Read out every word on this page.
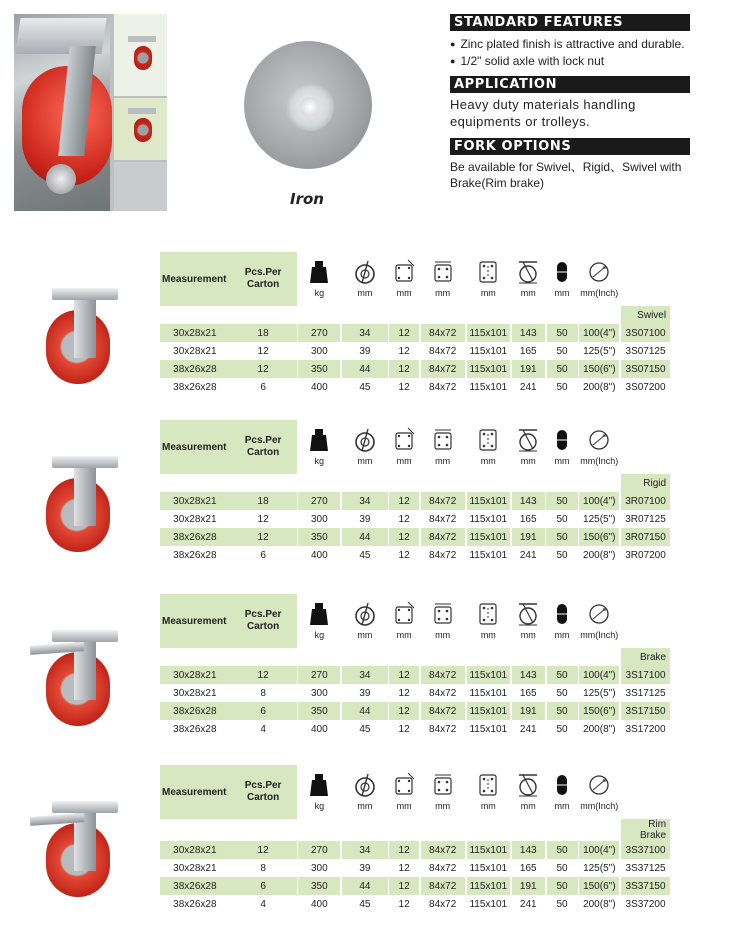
Iron
STANDARD FEATURES
● Zinc plated finish is attractive and durable.
● 1/2" solid axle with lock nut
APPLICATION
Heavy duty materials handling equipments or trolleys.
FORK OPTIONS
Be available for Swivel、Rigid、Swivel with Brake(Rim brake)
Measurement	Pcs.Per Carton																		
		kg		mm		mm		mm		mm		mm		mm		mm(Inch)		
																			Swivel
30x28x21	18		270		34		12		84x72		115x101		143		50		100(4")		3S07100
30x28x21	12		300		39		12		84x72		115x101		165		50		125(5")		3S07125
38x26x28	12		350		44		12		84x72		115x101		191		50		150(6")		3S07150
38x26x28	6		400		45		12		84x72		115x101		241		50		200(8")		3S07200
Measurement	Pcs.Per Carton																		
		kg		mm		mm		mm		mm		mm		mm		mm(Inch)		
																			Rigid
30x28x21	18		270		34		12		84x72		115x101		143		50		100(4")		3R07100
30x28x21	12		300		39		12		84x72		115x101		165		50		125(5")		3R07125
38x26x28	12		350		44		12		84x72		115x101		191		50		150(6")		3R07150
38x26x28	6		400		45		12		84x72		115x101		241		50		200(8")		3R07200
Measurement	Pcs.Per Carton																		
		kg		mm		mm		mm		mm		mm		mm		mm(Inch)		
																			Brake
30x28x21	12		270		34		12		84x72		115x101		143		50		100(4")		3S17100
30x28x21	8		300		39		12		84x72		115x101		165		50		125(5")		3S17125
38x26x28	6		350		44		12		84x72		115x101		191		50		150(6")		3S17150
38x26x28	4		400		45		12		84x72		115x101		241		50		200(8")		3S17200
Measurement	Pcs.Per Carton																		
		kg		mm		mm		mm		mm		mm		mm		mm(Inch)		
																			Rim Brake
30x28x21	12		270		34		12		84x72		115x101		143		50		100(4")		3S37100
30x28x21	8		300		39		12		84x72		115x101		165		50		125(5")		3S37125
38x26x28	6		350		44		12		84x72		115x101		191		50		150(6")		3S37150
38x26x28	4		400		45		12		84x72		115x101		241		50		200(8")		3S37200
